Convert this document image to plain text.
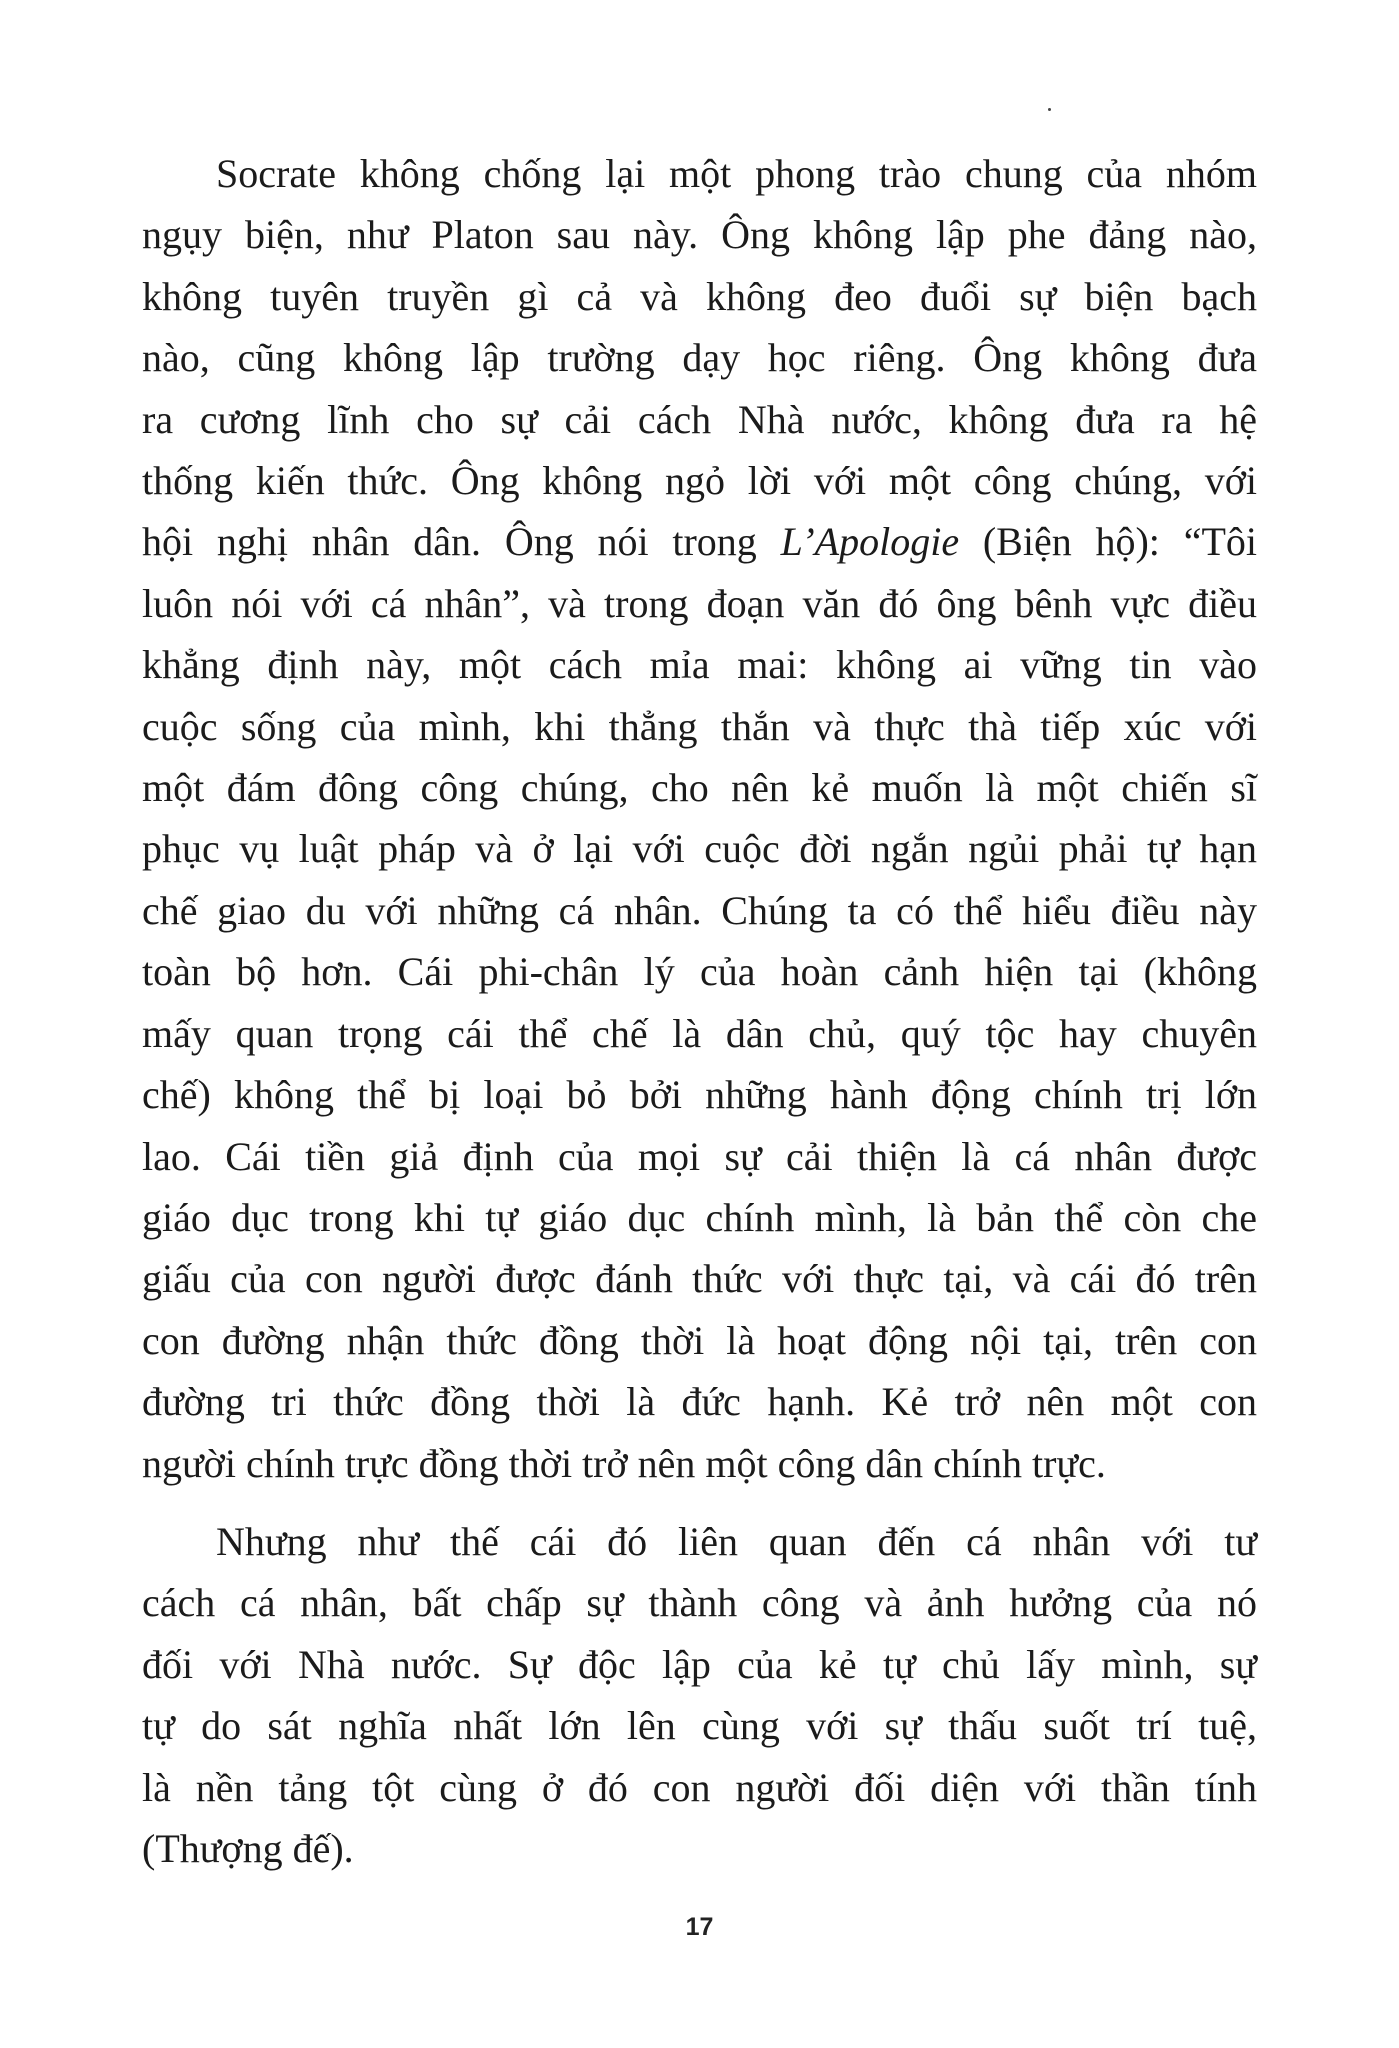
Socrate không chống lại một phong trào chung của nhóm
ngụy biện, như Platon sau này. Ông không lập phe đảng nào,
không tuyên truyền gì cả và không đeo đuổi sự biện bạch
nào, cũng không lập trường dạy học riêng. Ông không đưa
ra cương lĩnh cho sự cải cách Nhà nước, không đưa ra hệ
thống kiến thức. Ông không ngỏ lời với một công chúng, với
hội nghị nhân dân. Ông nói trong L’Apologie (Biện hộ): “Tôi
luôn nói với cá nhân”, và trong đoạn văn đó ông bênh vực điều
khẳng định này, một cách mỉa mai: không ai vững tin vào
cuộc sống của mình, khi thẳng thắn và thực thà tiếp xúc với
một đám đông công chúng, cho nên kẻ muốn là một chiến sĩ
phục vụ luật pháp và ở lại với cuộc đời ngắn ngủi phải tự hạn
chế giao du với những cá nhân. Chúng ta có thể hiểu điều này
toàn bộ hơn. Cái phi-chân lý của hoàn cảnh hiện tại (không
mấy quan trọng cái thể chế là dân chủ, quý tộc hay chuyên
chế) không thể bị loại bỏ bởi những hành động chính trị lớn
lao. Cái tiền giả định của mọi sự cải thiện là cá nhân được
giáo dục trong khi tự giáo dục chính mình, là bản thể còn che
giấu của con người được đánh thức với thực tại, và cái đó trên
con đường nhận thức đồng thời là hoạt động nội tại, trên con
đường tri thức đồng thời là đức hạnh. Kẻ trở nên một con
người chính trực đồng thời trở nên một công dân chính trực.

Nhưng như thế cái đó liên quan đến cá nhân với tư
cách cá nhân, bất chấp sự thành công và ảnh hưởng của nó
đối với Nhà nước. Sự độc lập của kẻ tự chủ lấy mình, sự
tự do sát nghĩa nhất lớn lên cùng với sự thấu suốt trí tuệ,
là nền tảng tột cùng ở đó con người đối diện với thần tính
(Thượng đế).

17
